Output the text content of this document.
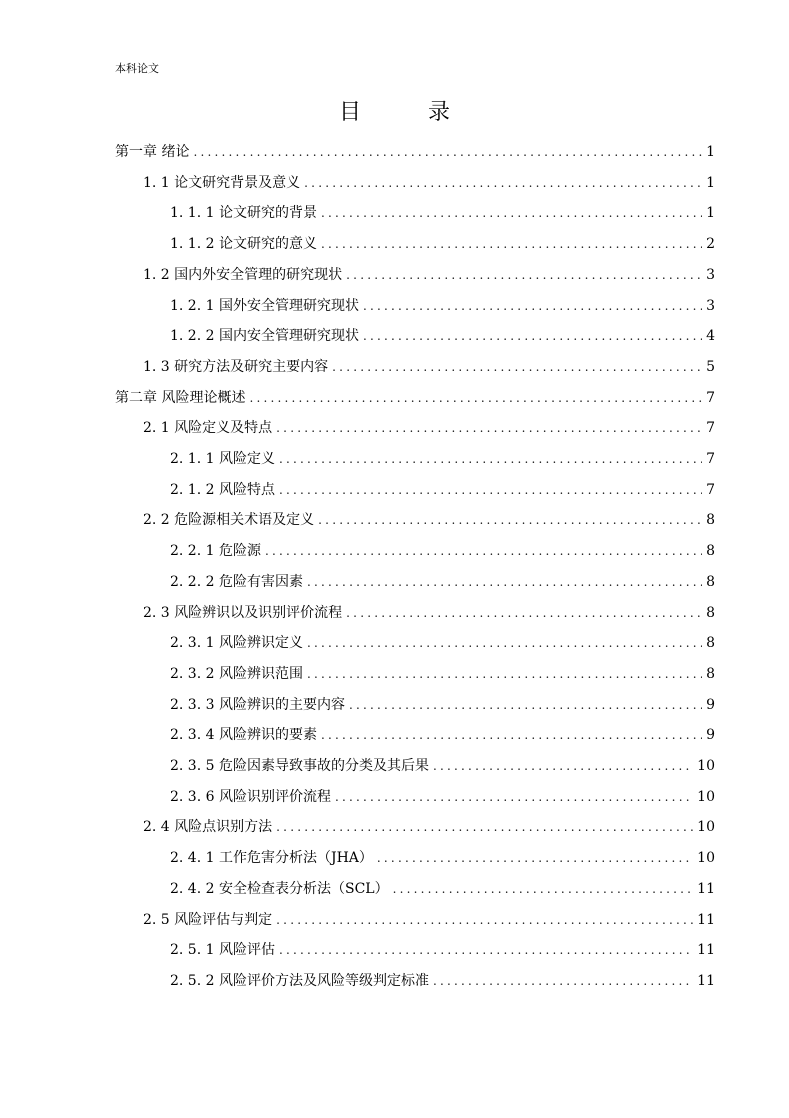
本科论文
目 录
第一章 绪论 .....	1
1. 1 论文研究背景及意义 .....	1
1. 1. 1 论文研究的背景 .....	1
1. 1. 2 论文研究的意义 .....	2
1. 2 国内外安全管理的研究现状 .....	3
1. 2. 1 国外安全管理研究现状 .....	3
1. 2. 2 国内安全管理研究现状 .....	4
1. 3 研究方法及研究主要内容 .....	5
第二章 风险理论概述 .....	7
2. 1 风险定义及特点 .....	7
2. 1. 1 风险定义 .....	7
2. 1. 2 风险特点 .....	7
2. 2 危险源相关术语及定义 .....	8
2. 2. 1 危险源 .....	8
2. 2. 2 危险有害因素 .....	8
2. 3 风险辨识以及识别评价流程 .....	8
2. 3. 1 风险辨识定义 .....	8
2. 3. 2 风险辨识范围 .....	8
2. 3. 3 风险辨识的主要内容 .....	9
2. 3. 4 风险辨识的要素 .....	9
2. 3. 5 危险因素导致事故的分类及其后果 .....	10
2. 3. 6 风险识别评价流程 .....	10
2. 4 风险点识别方法 .....	10
2. 4. 1 工作危害分析法（JHA） .....	10
2. 4. 2 安全检查表分析法（SCL） .....	11
2. 5 风险评估与判定 .....	11
2. 5. 1 风险评估 .....	11
2. 5. 2 风险评价方法及风险等级判定标准 .....	11
